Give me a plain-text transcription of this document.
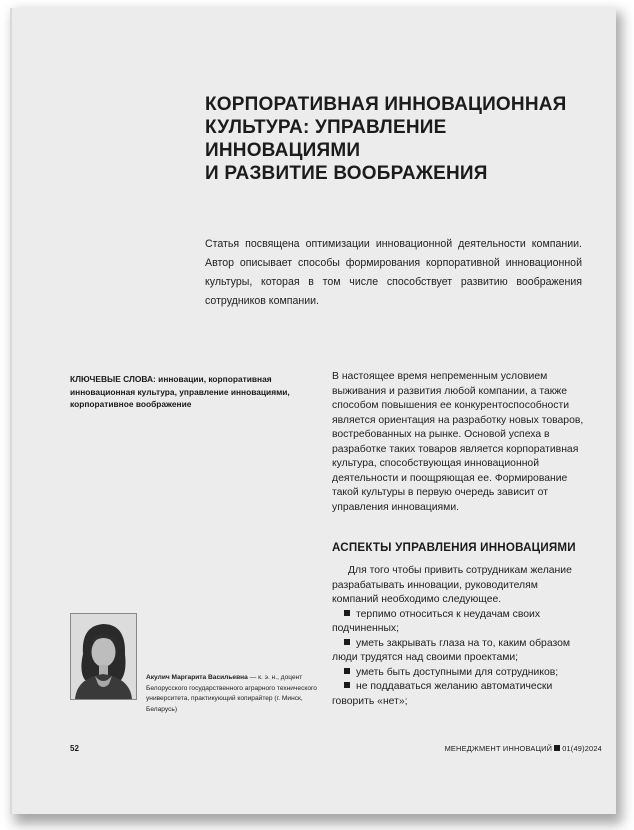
КОРПОРАТИВНАЯ ИННОВАЦИОННАЯ
КУЛЬТУРА: УПРАВЛЕНИЕ ИННОВАЦИЯМИ
И РАЗВИТИЕ ВООБРАЖЕНИЯ

Статья посвящена оптимизации инновационной деятельности компании. Автор описывает способы формирования корпоративной инновационной культуры, которая в том числе способствует развитию воображения сотрудников компании.

КЛЮЧЕВЫЕ СЛОВА: инновации, корпоративная инновационная культура, управление инновациями, корпоративное воображение

В настоящее время непременным условием выживания и развития любой компании, а также способом повышения ее конкурентоспособности является ориентация на разработку новых товаров, востребованных на рынке. Основой успеха в разработке таких товаров является корпоративная культура, способствующая инновационной деятельности и поощряющая ее. Формирование такой культуры в первую очередь зависит от управления инновациями.

АСПЕКТЫ УПРАВЛЕНИЯ ИННОВАЦИЯМИ

Для того чтобы привить сотрудникам желание разрабатывать инновации, руководителям компаний необходимо следующее.

терпимо относиться к неудачам своих подчиненных;

уметь закрывать глаза на то, каким образом люди трудятся над своими проектами;

уметь быть доступными для сотрудников;

не поддаваться желанию автоматически говорить «нет»;

Акулич Маргарита Васильевна — к. э. н., доцент Белорусского государственного аграрного технического университета, практикующий копирайтер (г. Минск, Беларусь)

52	МЕНЕДЖМЕНТ ИННОВАЦИЙ 01(49)2024
